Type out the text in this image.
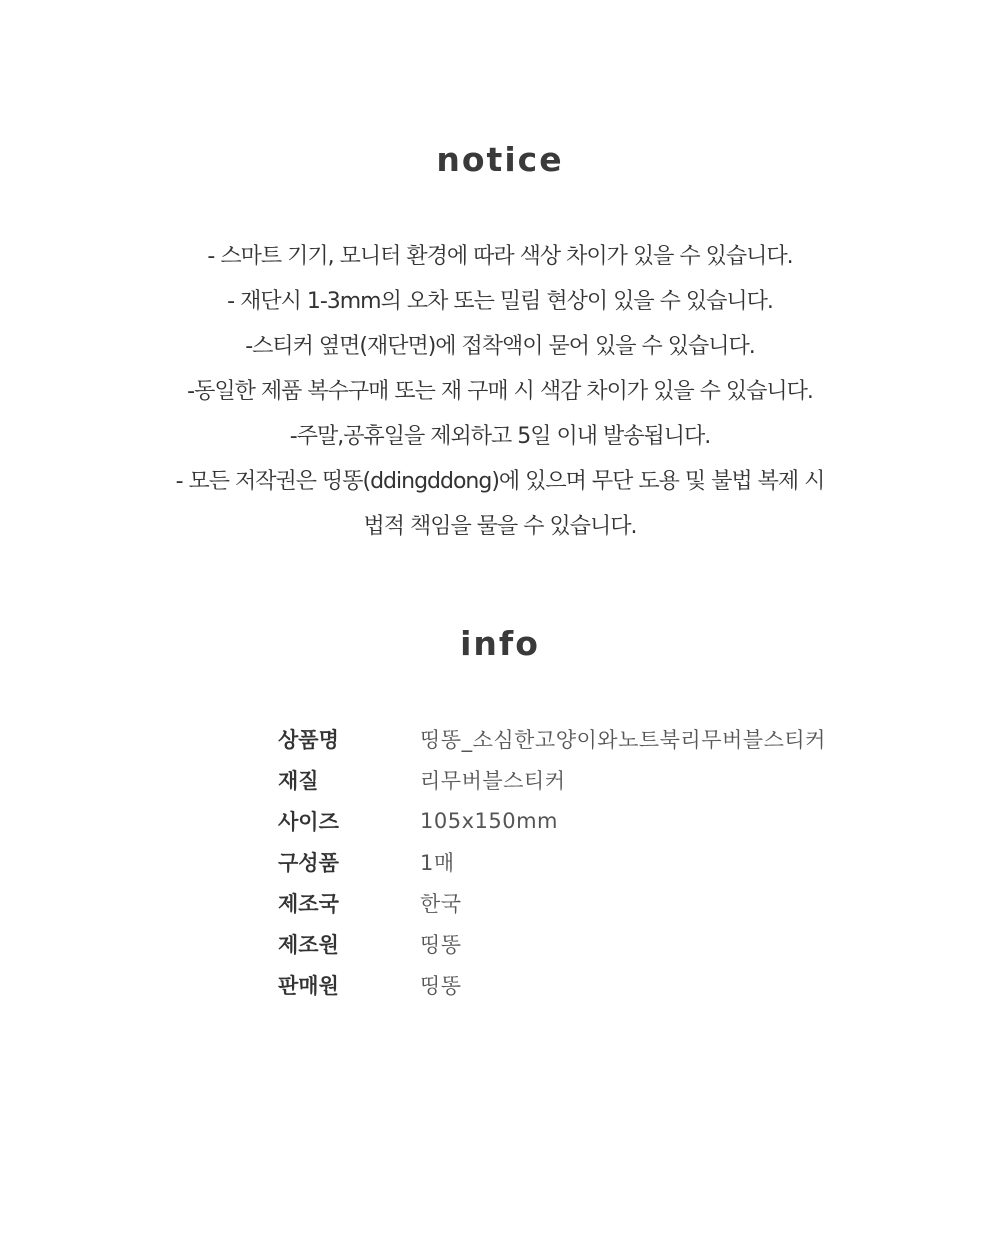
notice
- 스마트 기기, 모니터 환경에 따라 색상 차이가 있을 수 있습니다.
- 재단시 1-3mm의 오차 또는 밀림 현상이 있을 수 있습니다.
-스티커 옆면(재단면)에 접착액이 묻어 있을 수 있습니다.
-동일한 제품 복수구매 또는 재 구매 시 색감 차이가 있을 수 있습니다.
-주말,공휴일을 제외하고 5일 이내 발송됩니다.
- 모든 저작권은 띵똥(ddingddong)에 있으며 무단 도용 및 불법 복제 시
법적 책임을 물을 수 있습니다.
info
상품명	띵똥_소심한고양이와노트북리무버블스티커
재질	리무버블스티커
사이즈	105x150mm
구성품	1매
제조국	한국
제조원	띵똥
판매원	띵똥
